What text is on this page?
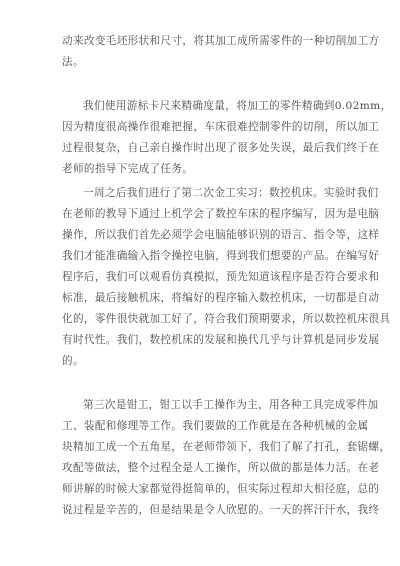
动来改变毛坯形状和尺寸，将其加工成所需零件的一种切削加工方
法。
我们使用游标卡尺来精确度量，将加工的零件精确到0.02mm，
因为精度很高操作很难把握，车床很难控制零件的切削，所以加工
过程很复杂，自己亲自操作时出现了很多处失误，最后我们终于在
老师的指导下完成了任务。
一周之后我们进行了第二次金工实习：数控机床。实验时我们
在老师的教导下通过上机学会了数控车床的程序编写，因为是电脑
操作，所以我们首先必须学会电脑能够识别的语言、指令等，这样
我们才能准确输入指令操控电脑，得到我们想要的产品。在编写好
程序后，我们可以观看仿真模拟，预先知道该程序是否符合要求和
标准，最后接触机床，将编好的程序输入数控机床，一切都是自动
化的，零件很快就加工好了，符合我们预期要求，所以数控机床很具
有时代性。我们，数控机床的发展和换代几乎与计算机是同步发展
的。
第三次是钳工，钳工以手工操作为主，用各种工具完成零件加
工、装配和修理等工作。我们要做的工作就是在各种机械的金属
块精加工成一个五角星，在老师带领下，我们了解了打孔，套锯螺，
攻配等做法，整个过程全是人工操作，所以做的都是体力活。在老
师讲解的时候大家都觉得挺简单的，但实际过程却大相径庭，总的
说过程是辛苦的，但是结果是令人欣慰的。一天的挥汗汗水，我终
